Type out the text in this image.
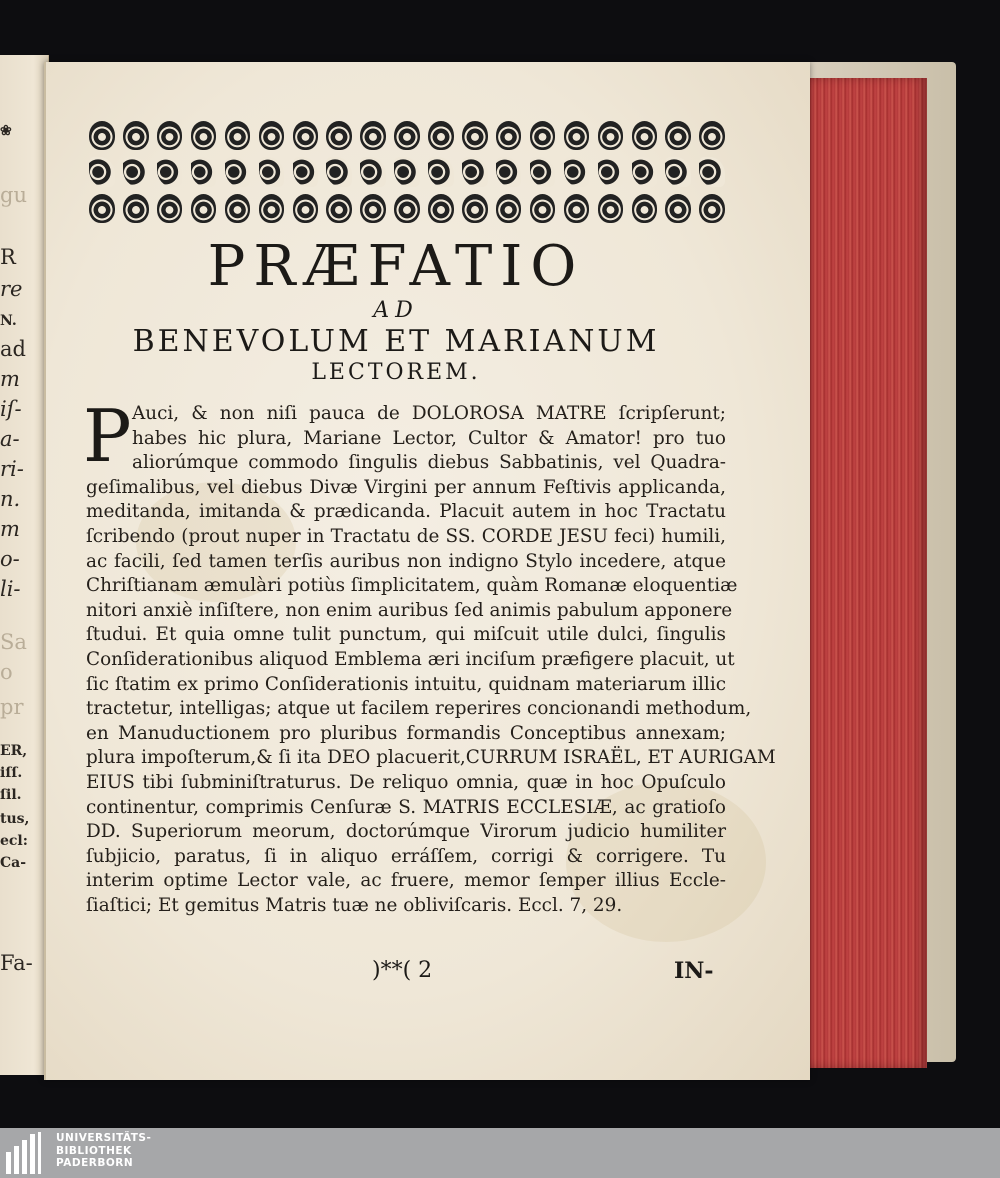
❀
gu
R
re
N.
ad
m
iſ-
a-
ri-
n.
m
o-
li-
Sa
o
pr
ER,
iſſ.
ſil.
tus,
ecl:
Ca-
Fa-
PRÆFATIO
AD
BENEVOLUM ET MARIANUM
LECTOREM.
P Auci, & non niſi pauca de DOLOROSA MATRE ſcripſerunt;
habes hic plura, Mariane Lector, Cultor & Amator! pro tuo
aliorúmque commodo ſingulis diebus Sabbatinis, vel Quadra-
geſimalibus, vel diebus Divæ Virgini per annum Feſtivis applicanda,
meditanda, imitanda & prædicanda. Placuit autem in hoc Tractatu
ſcribendo (prout nuper in Tractatu de SS. CORDE JESU feci) humili,
ac facili, ſed tamen terſis auribus non indigno Stylo incedere, atque
Chriſtianam æmulàri potiùs ſimplicitatem, quàm Romanæ eloquentiæ
nitori anxiè inſiſtere, non enim auribus ſed animis pabulum apponere
ſtudui. Et quia omne tulit punctum, qui miſcuit utile dulci, ſingulis
Conſiderationibus aliquod Emblema æri inciſum præfigere placuit, ut
ſic ſtatim ex primo Conſiderationis intuitu, quidnam materiarum illic
tractetur, intelligas; atque ut facilem reperires concionandi methodum,
en Manuductionem pro pluribus formandis Conceptibus annexam;
plura impoſterum,& ſi ita DEO placuerit,CURRUM ISRAËL, ET AURIGAM
EIUS tibi ſubminiſtraturus. De reliquo omnia, quæ in hoc Opuſculo
continentur, comprimis Cenſuræ S. MATRIS ECCLESIÆ, ac gratioſo
DD. Superiorum meorum, doctorúmque Virorum judicio humiliter
ſubjicio, paratus, ſi in aliquo erráſſem, corrigi & corrigere. Tu
interim optime Lector vale, ac fruere, memor ſemper illius Eccle-
ſiaſtici; Et gemitus Matris tuæ ne obliviſcaris. Eccl. 7, 29.
)**( 2	IN-
UNIVERSITÄTS-
BIBLIOTHEK
PADERBORN
